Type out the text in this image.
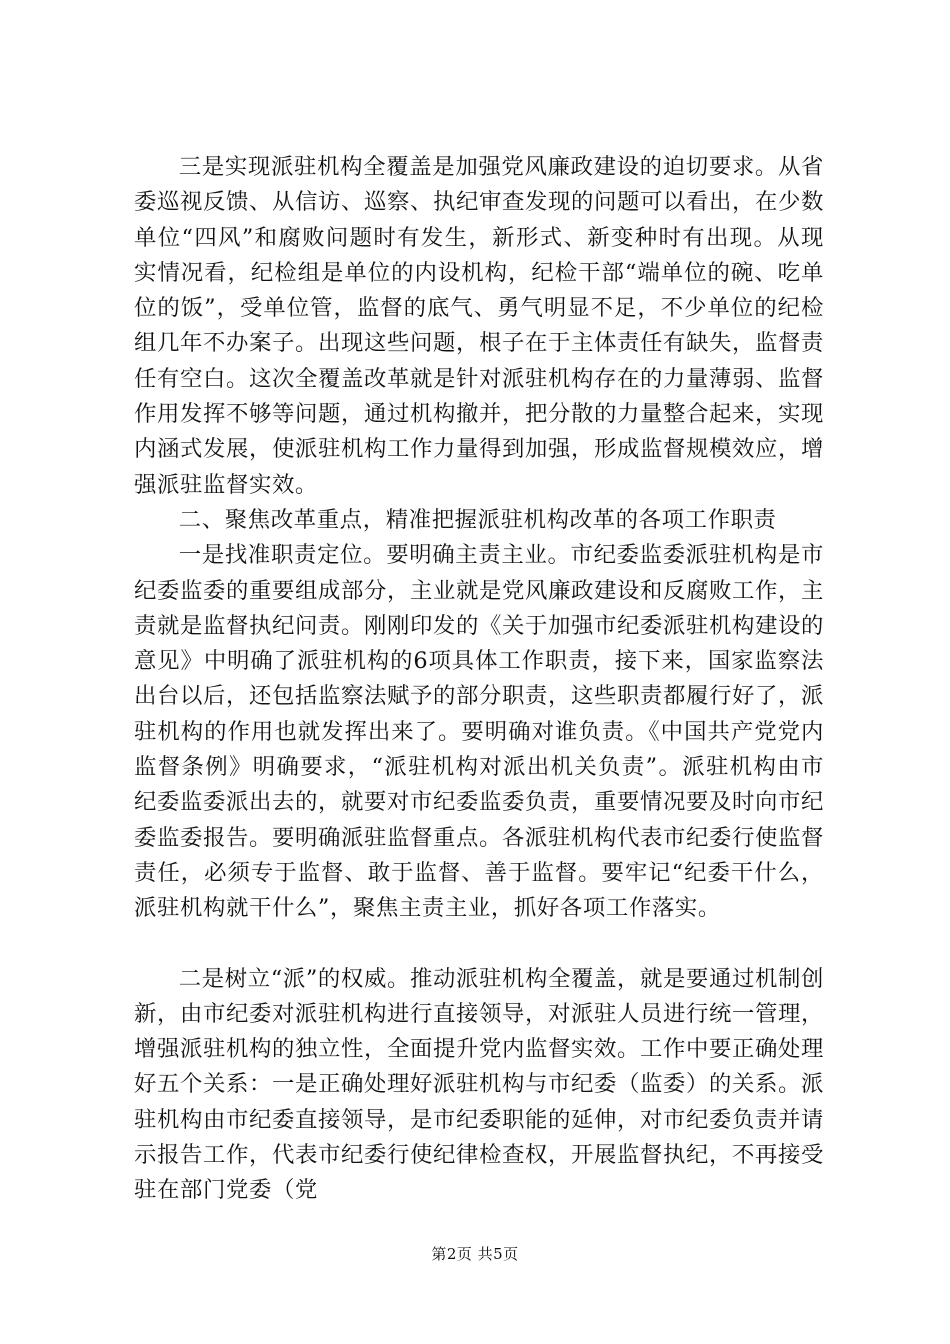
三是实现派驻机构全覆盖是加强党风廉政建设的迫切要求。从省委巡视反馈、从信访、巡察、执纪审查发现的问题可以看出，在少数单位“四风”和腐败问题时有发生，新形式、新变种时有出现。从现实情况看，纪检组是单位的内设机构，纪检干部“端单位的碗、吃单位的饭”，受单位管，监督的底气、勇气明显不足，不少单位的纪检组几年不办案子。出现这些问题，根子在于主体责任有缺失，监督责任有空白。这次全覆盖改革就是针对派驻机构存在的力量薄弱、监督作用发挥不够等问题，通过机构撤并，把分散的力量整合起来，实现内涵式发展，使派驻机构工作力量得到加强，形成监督规模效应，增强派驻监督实效。

二、聚焦改革重点，精准把握派驻机构改革的各项工作职责

一是找准职责定位。要明确主责主业。市纪委监委派驻机构是市纪委监委的重要组成部分，主业就是党风廉政建设和反腐败工作，主责就是监督执纪问责。刚刚印发的《关于加强市纪委派驻机构建设的意见》中明确了派驻机构的6项具体工作职责，接下来，国家监察法出台以后，还包括监察法赋予的部分职责，这些职责都履行好了，派驻机构的作用也就发挥出来了。要明确对谁负责。《中国共产党党内监督条例》明确要求，“派驻机构对派出机关负责”。派驻机构由市纪委监委派出去的，就要对市纪委监委负责，重要情况要及时向市纪委监委报告。要明确派驻监督重点。各派驻机构代表市纪委行使监督责任，必须专于监督、敢于监督、善于监督。要牢记“纪委干什么，派驻机构就干什么”，聚焦主责主业，抓好各项工作落实。

二是树立“派”的权威。推动派驻机构全覆盖，就是要通过机制创新，由市纪委对派驻机构进行直接领导，对派驻人员进行统一管理，增强派驻机构的独立性，全面提升党内监督实效。工作中要正确处理好五个关系：一是正确处理好派驻机构与市纪委（监委）的关系。派驻机构由市纪委直接领导，是市纪委职能的延伸，对市纪委负责并请示报告工作，代表市纪委行使纪律检查权，开展监督执纪，不再接受驻在部门党委（党

第2页 共5页
